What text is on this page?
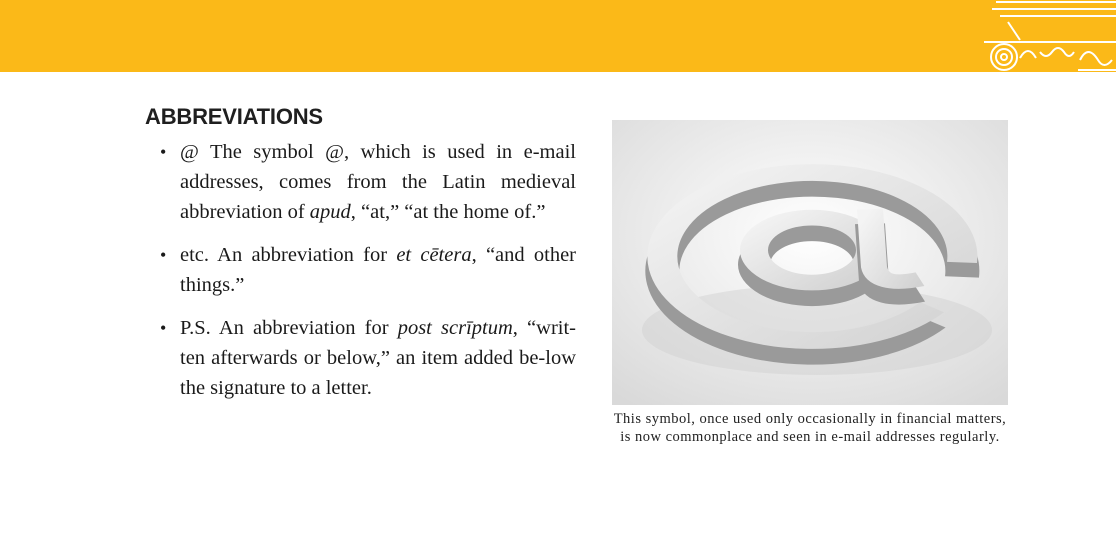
ABBREVIATIONS
• @ The symbol @, which is used in e-mail addresses, comes from the Latin medieval abbreviation of apud, “at,” “at the home of.”
• etc. An abbreviation for et cētera, “and other things.”
• P.S. An abbreviation for post scrīptum, “writ-ten afterwards or below,” an item added be-low the signature to a letter.

This symbol, once used only occasionally in financial matters, is now commonplace and seen in e-mail addresses regularly.
